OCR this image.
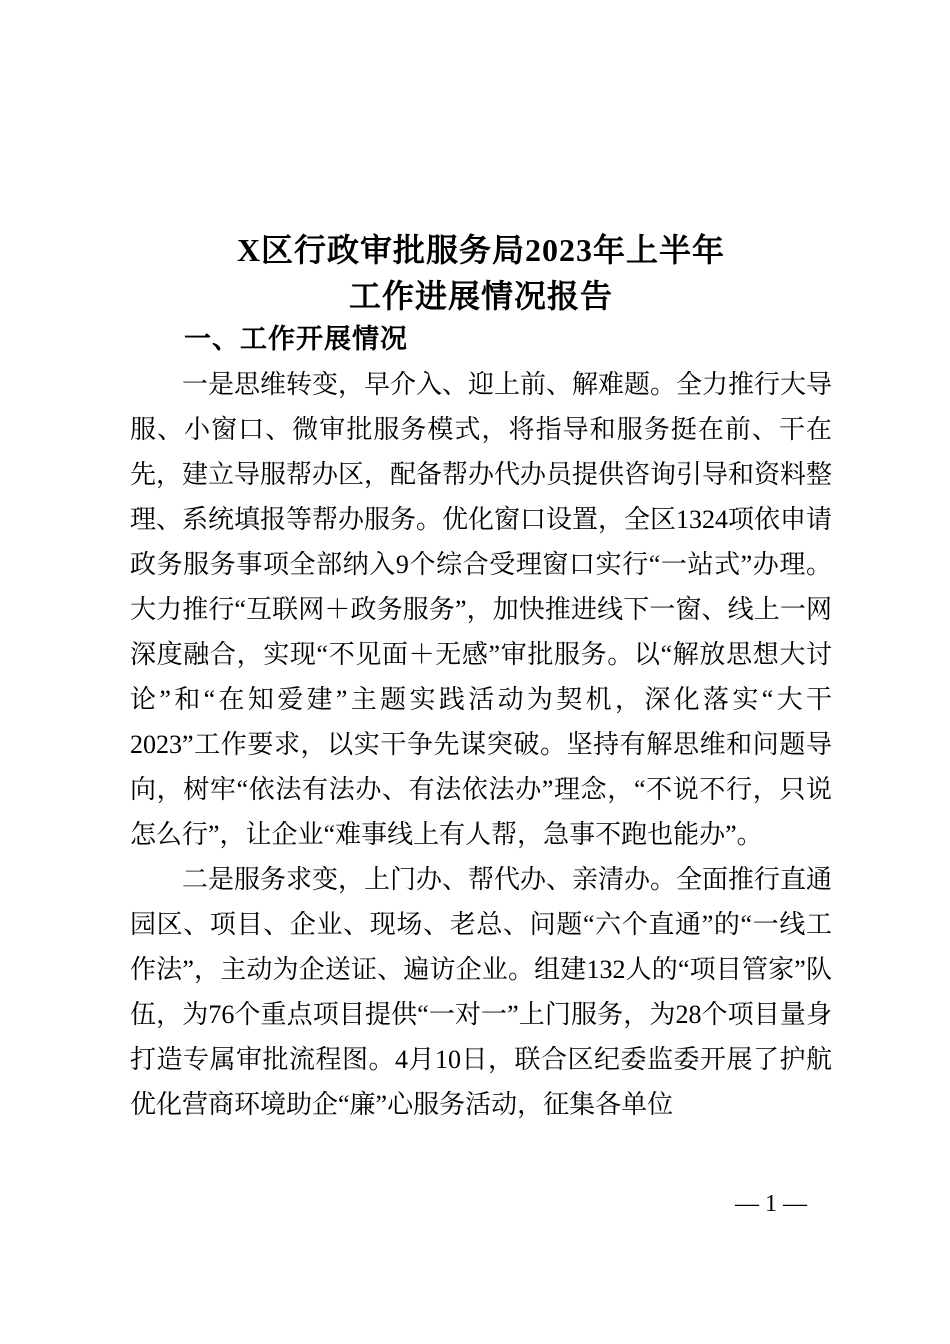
X区行政审批服务局2023年上半年
工作进展情况报告
一、工作开展情况

一是思维转变，早介入、迎上前、解难题。全力推行大导服、小窗口、微审批服务模式，将指导和服务挺在前、干在先，建立导服帮办区，配备帮办代办员提供咨询引导和资料整理、系统填报等帮办服务。优化窗口设置，全区1324项依申请政务服务事项全部纳入9个综合受理窗口实行“一站式”办理。大力推行“互联网＋政务服务”，加快推进线下一窗、线上一网深度融合，实现“不见面＋无感”审批服务。以“解放思想大讨论”和“在知爱建”主题实践活动为契机，深化落实“大干2023”工作要求，以实干争先谋突破。坚持有解思维和问题导向，树牢“依法有法办、有法依法办”理念，“不说不行，只说怎么行”，让企业“难事线上有人帮，急事不跑也能办”。

二是服务求变，上门办、帮代办、亲清办。全面推行直通园区、项目、企业、现场、老总、问题“六个直通”的“一线工作法”，主动为企送证、遍访企业。组建132人的“项目管家”队伍，为76个重点项目提供“一对一”上门服务，为28个项目量身打造专属审批流程图。4月10日，联合区纪委监委开展了护航优化营商环境助企“廉”心服务活动，征集各单位

— 1 —
